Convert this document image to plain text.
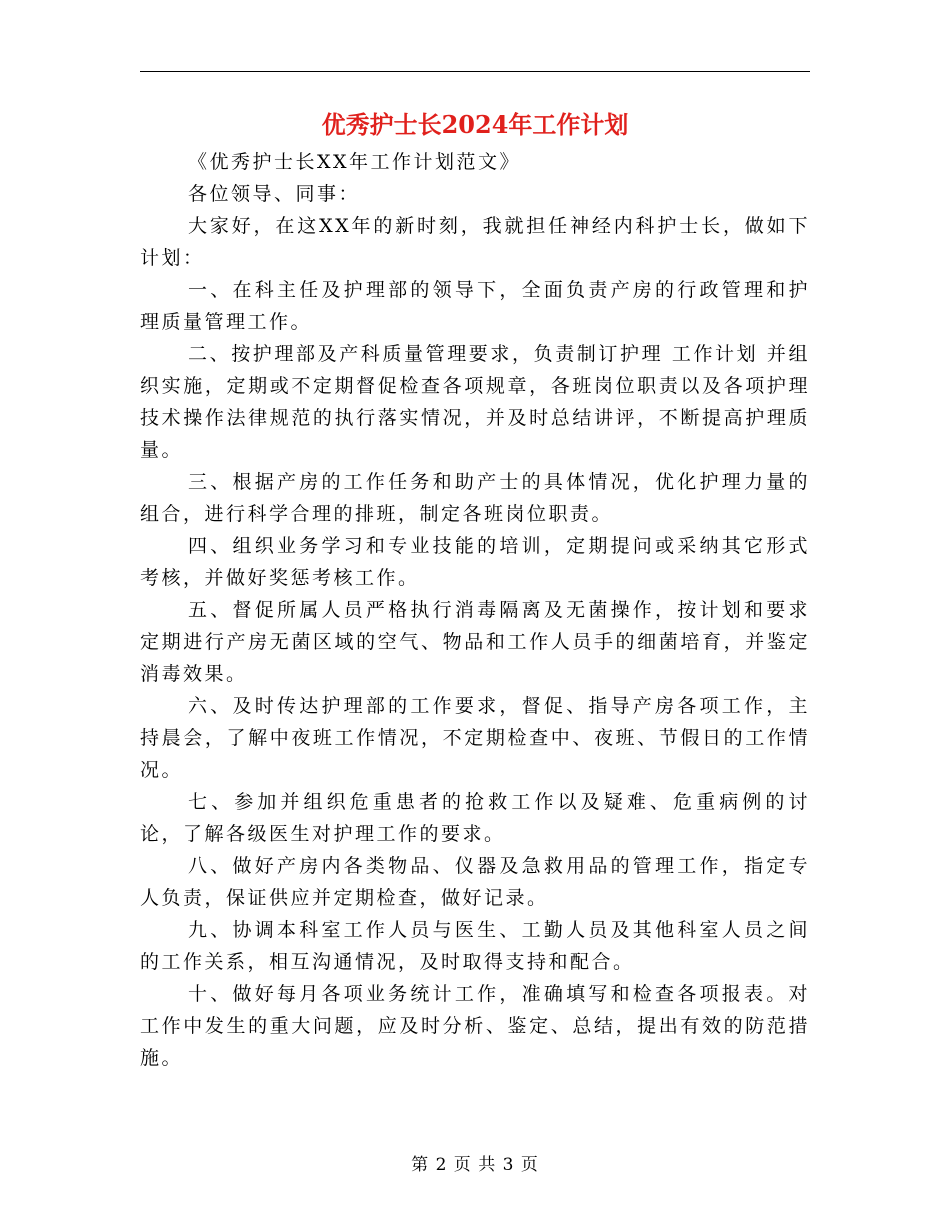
优秀护士长2024年工作计划

《优秀护士长XX年工作计划范文》

各位领导、同事：

大家好，在这XX年的新时刻，我就担任神经内科护士长，做如下计划：

一、在科主任及护理部的领导下，全面负责产房的行政管理和护理质量管理工作。

二、按护理部及产科质量管理要求，负责制订护理 工作计划 并组织实施，定期或不定期督促检查各项规章，各班岗位职责以及各项护理技术操作法律规范的执行落实情况，并及时总结讲评，不断提高护理质量。

三、根据产房的工作任务和助产士的具体情况，优化护理力量的组合，进行科学合理的排班，制定各班岗位职责。

四、组织业务学习和专业技能的培训，定期提问或采纳其它形式考核，并做好奖惩考核工作。

五、督促所属人员严格执行消毒隔离及无菌操作，按计划和要求定期进行产房无菌区域的空气、物品和工作人员手的细菌培育，并鉴定消毒效果。

六、及时传达护理部的工作要求，督促、指导产房各项工作，主持晨会，了解中夜班工作情况，不定期检查中、夜班、节假日的工作情况。

七、参加并组织危重患者的抢救工作以及疑难、危重病例的讨论，了解各级医生对护理工作的要求。

八、做好产房内各类物品、仪器及急救用品的管理工作，指定专人负责，保证供应并定期检查，做好记录。

九、协调本科室工作人员与医生、工勤人员及其他科室人员之间的工作关系，相互沟通情况，及时取得支持和配合。

十、做好每月各项业务统计工作，准确填写和检查各项报表。对工作中发生的重大问题，应及时分析、鉴定、总结，提出有效的防范措施。

第 2 页 共 3 页
